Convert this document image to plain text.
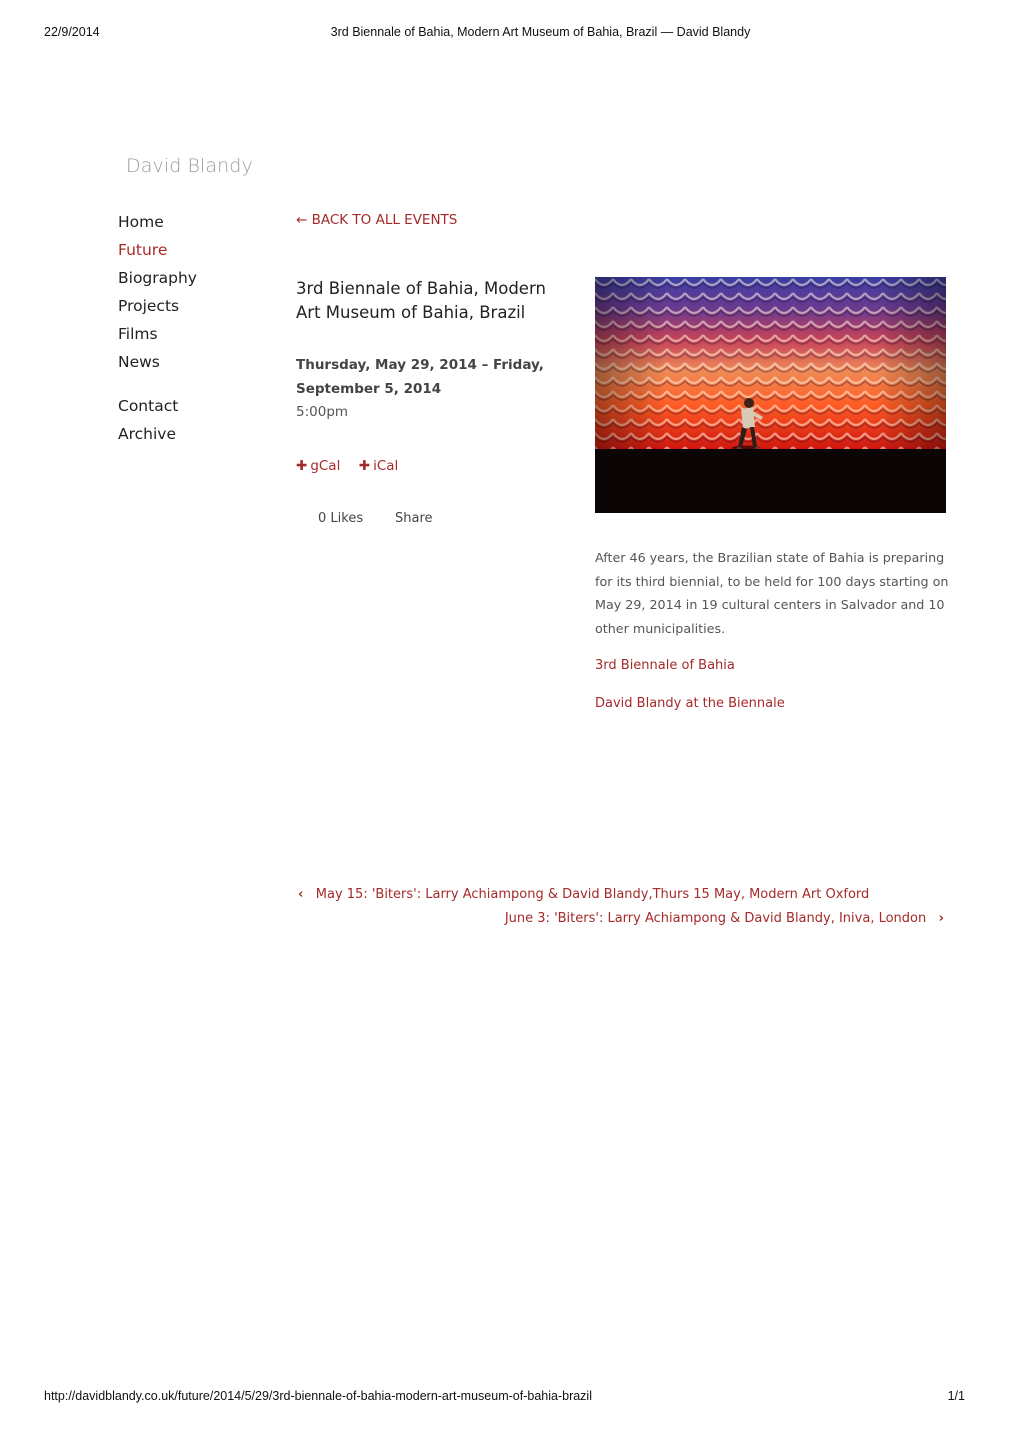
22/9/2014	3rd Biennale of Bahia, Modern Art Museum of Bahia, Brazil — David Blandy
David Blandy
Home
Future
Biography
Projects
Films
News
Contact
Archive
← BACK TO ALL EVENTS
3rd Biennale of Bahia, Modern Art Museum of Bahia, Brazil
Thursday, May 29, 2014 – Friday, September 5, 2014
5:00pm
✚ gCal ✚ iCal
0 Likes Share

After 46 years, the Brazilian state of Bahia is preparing for its third biennial, to be held for 100 days starting on May 29, 2014 in 19 cultural centers in Salvador and 10 other municipalities.

3rd Biennale of Bahia
David Blandy at the Biennale
‹ May 15: 'Biters': Larry Achiampong & David Blandy,Thurs 15 May, Modern Art Oxford
June 3: 'Biters': Larry Achiampong & David Blandy, Iniva, London ›
http://davidblandy.co.uk/future/2014/5/29/3rd-biennale-of-bahia-modern-art-museum-of-bahia-brazil	1/1
